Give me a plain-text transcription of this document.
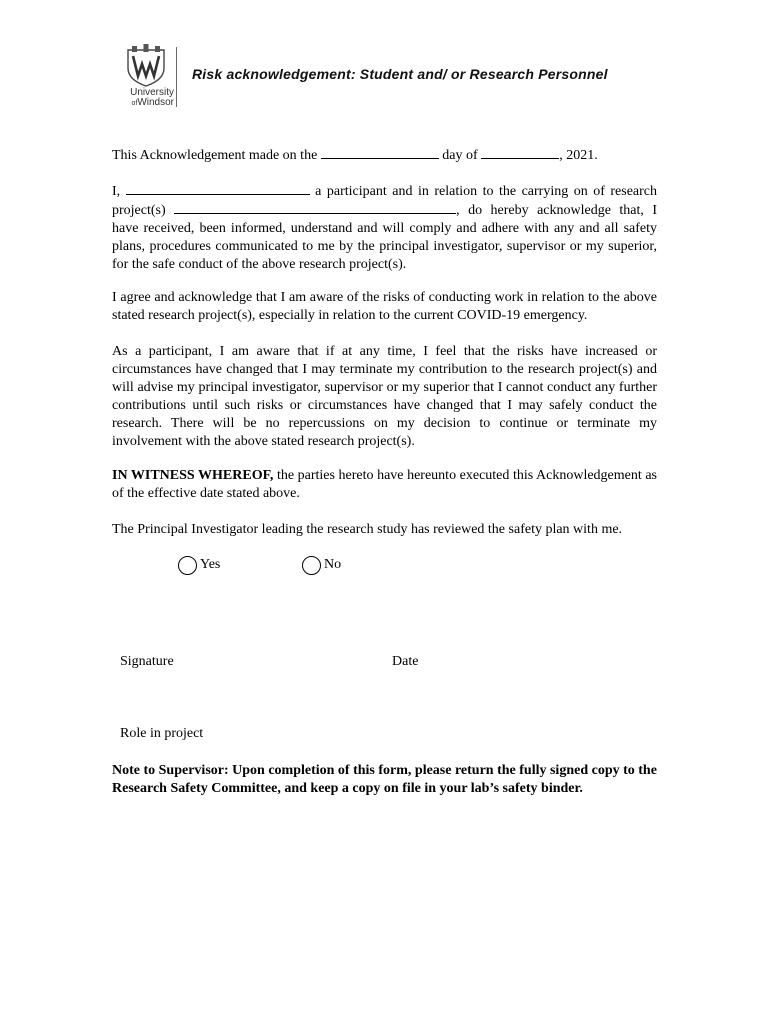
University
ofWindsor
Risk acknowledgement: Student and/ or Research Personnel
This Acknowledgement made on the	day of	, 2021.
I,	a participant and in relation to the carrying on of research project(s)	, do hereby acknowledge that, I have received, been informed, understand and will comply and adhere with any and all safety plans, procedures communicated to me by the principal investigator, supervisor or my superior, for the safe conduct of the above research project(s).
I agree and acknowledge that I am aware of the risks of conducting work in relation to the above stated research project(s), especially in relation to the current COVID-19 emergency.
As a participant, I am aware that if at any time, I feel that the risks have increased or circumstances have changed that I may terminate my contribution to the research project(s) and will advise my principal investigator, supervisor or my superior that I cannot conduct any further contributions until such risks or circumstances have changed that I may safely conduct the research. There will be no repercussions on my decision to continue or terminate my involvement with the above stated research project(s).
IN WITNESS WHEREOF, the parties hereto have hereunto executed this Acknowledgement as of the effective date stated above.
The Principal Investigator leading the research study has reviewed the safety plan with me.
Yes	No
Signature	Date
Role in project
Note to Supervisor: Upon completion of this form, please return the fully signed copy to the Research Safety Committee, and keep a copy on file in your lab’s safety binder.
